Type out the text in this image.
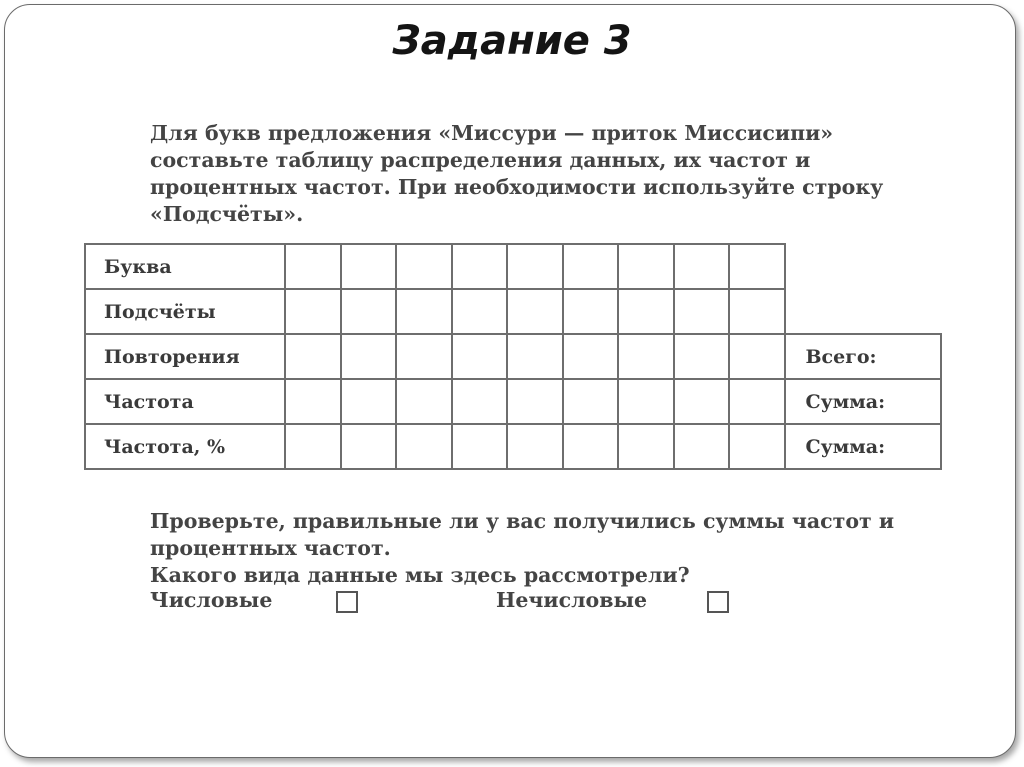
Задание 3

Для букв предложения «Миссури — приток Миссисипи»

составьте таблицу распределения данных, их частот и

процентных частот. При необходимости используйте строку

«Подсчёты».

Буква										
Подсчёты										
Повторения										Всего:
Частота										Сумма:
Частота, %										Сумма:

Проверьте, правильные ли у вас получились суммы частот и

процентных частот.

Какого вида данные мы здесь рассмотрели?

Числовые	Нечисловые
